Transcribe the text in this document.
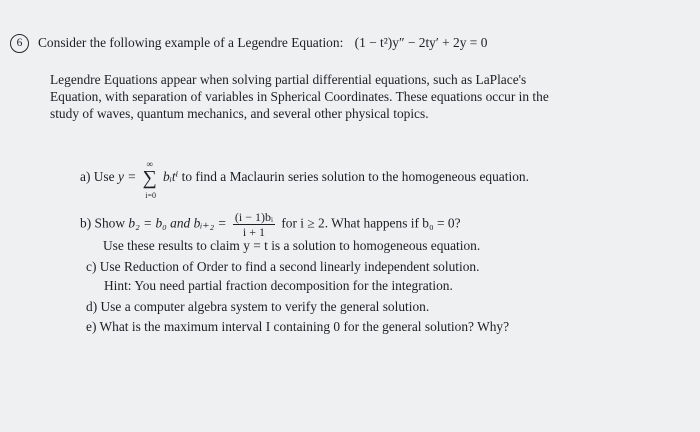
6	Consider the following example of a Legendre Equation: (1 − t²)y″ − 2ty′ + 2y = 0
Legendre Equations appear when solving partial differential equations, such as LaPlace's
Equation, with separation of variables in Spherical Coordinates. These equations occur in the
study of waves, quantum mechanics, and several other physical topics.
a) Use y =
∞
∑
i=0
bᵢtⁱ to find a Maclaurin series solution to the homogeneous equation.
b) Show b₂ = b₀ and bᵢ₊₂ = $\frac{\text{(i − 1)bᵢ}}{i + 1}$ for i ≥ 2. What happens if b₀ = 0?
Use these results to claim y = t is a solution to homogeneous equation.
c) Use Reduction of Order to find a second linearly independent solution.
Hint: You need partial fraction decomposition for the integration.
d) Use a computer algebra system to verify the general solution.
e) What is the maximum interval I containing 0 for the general solution? Why?
